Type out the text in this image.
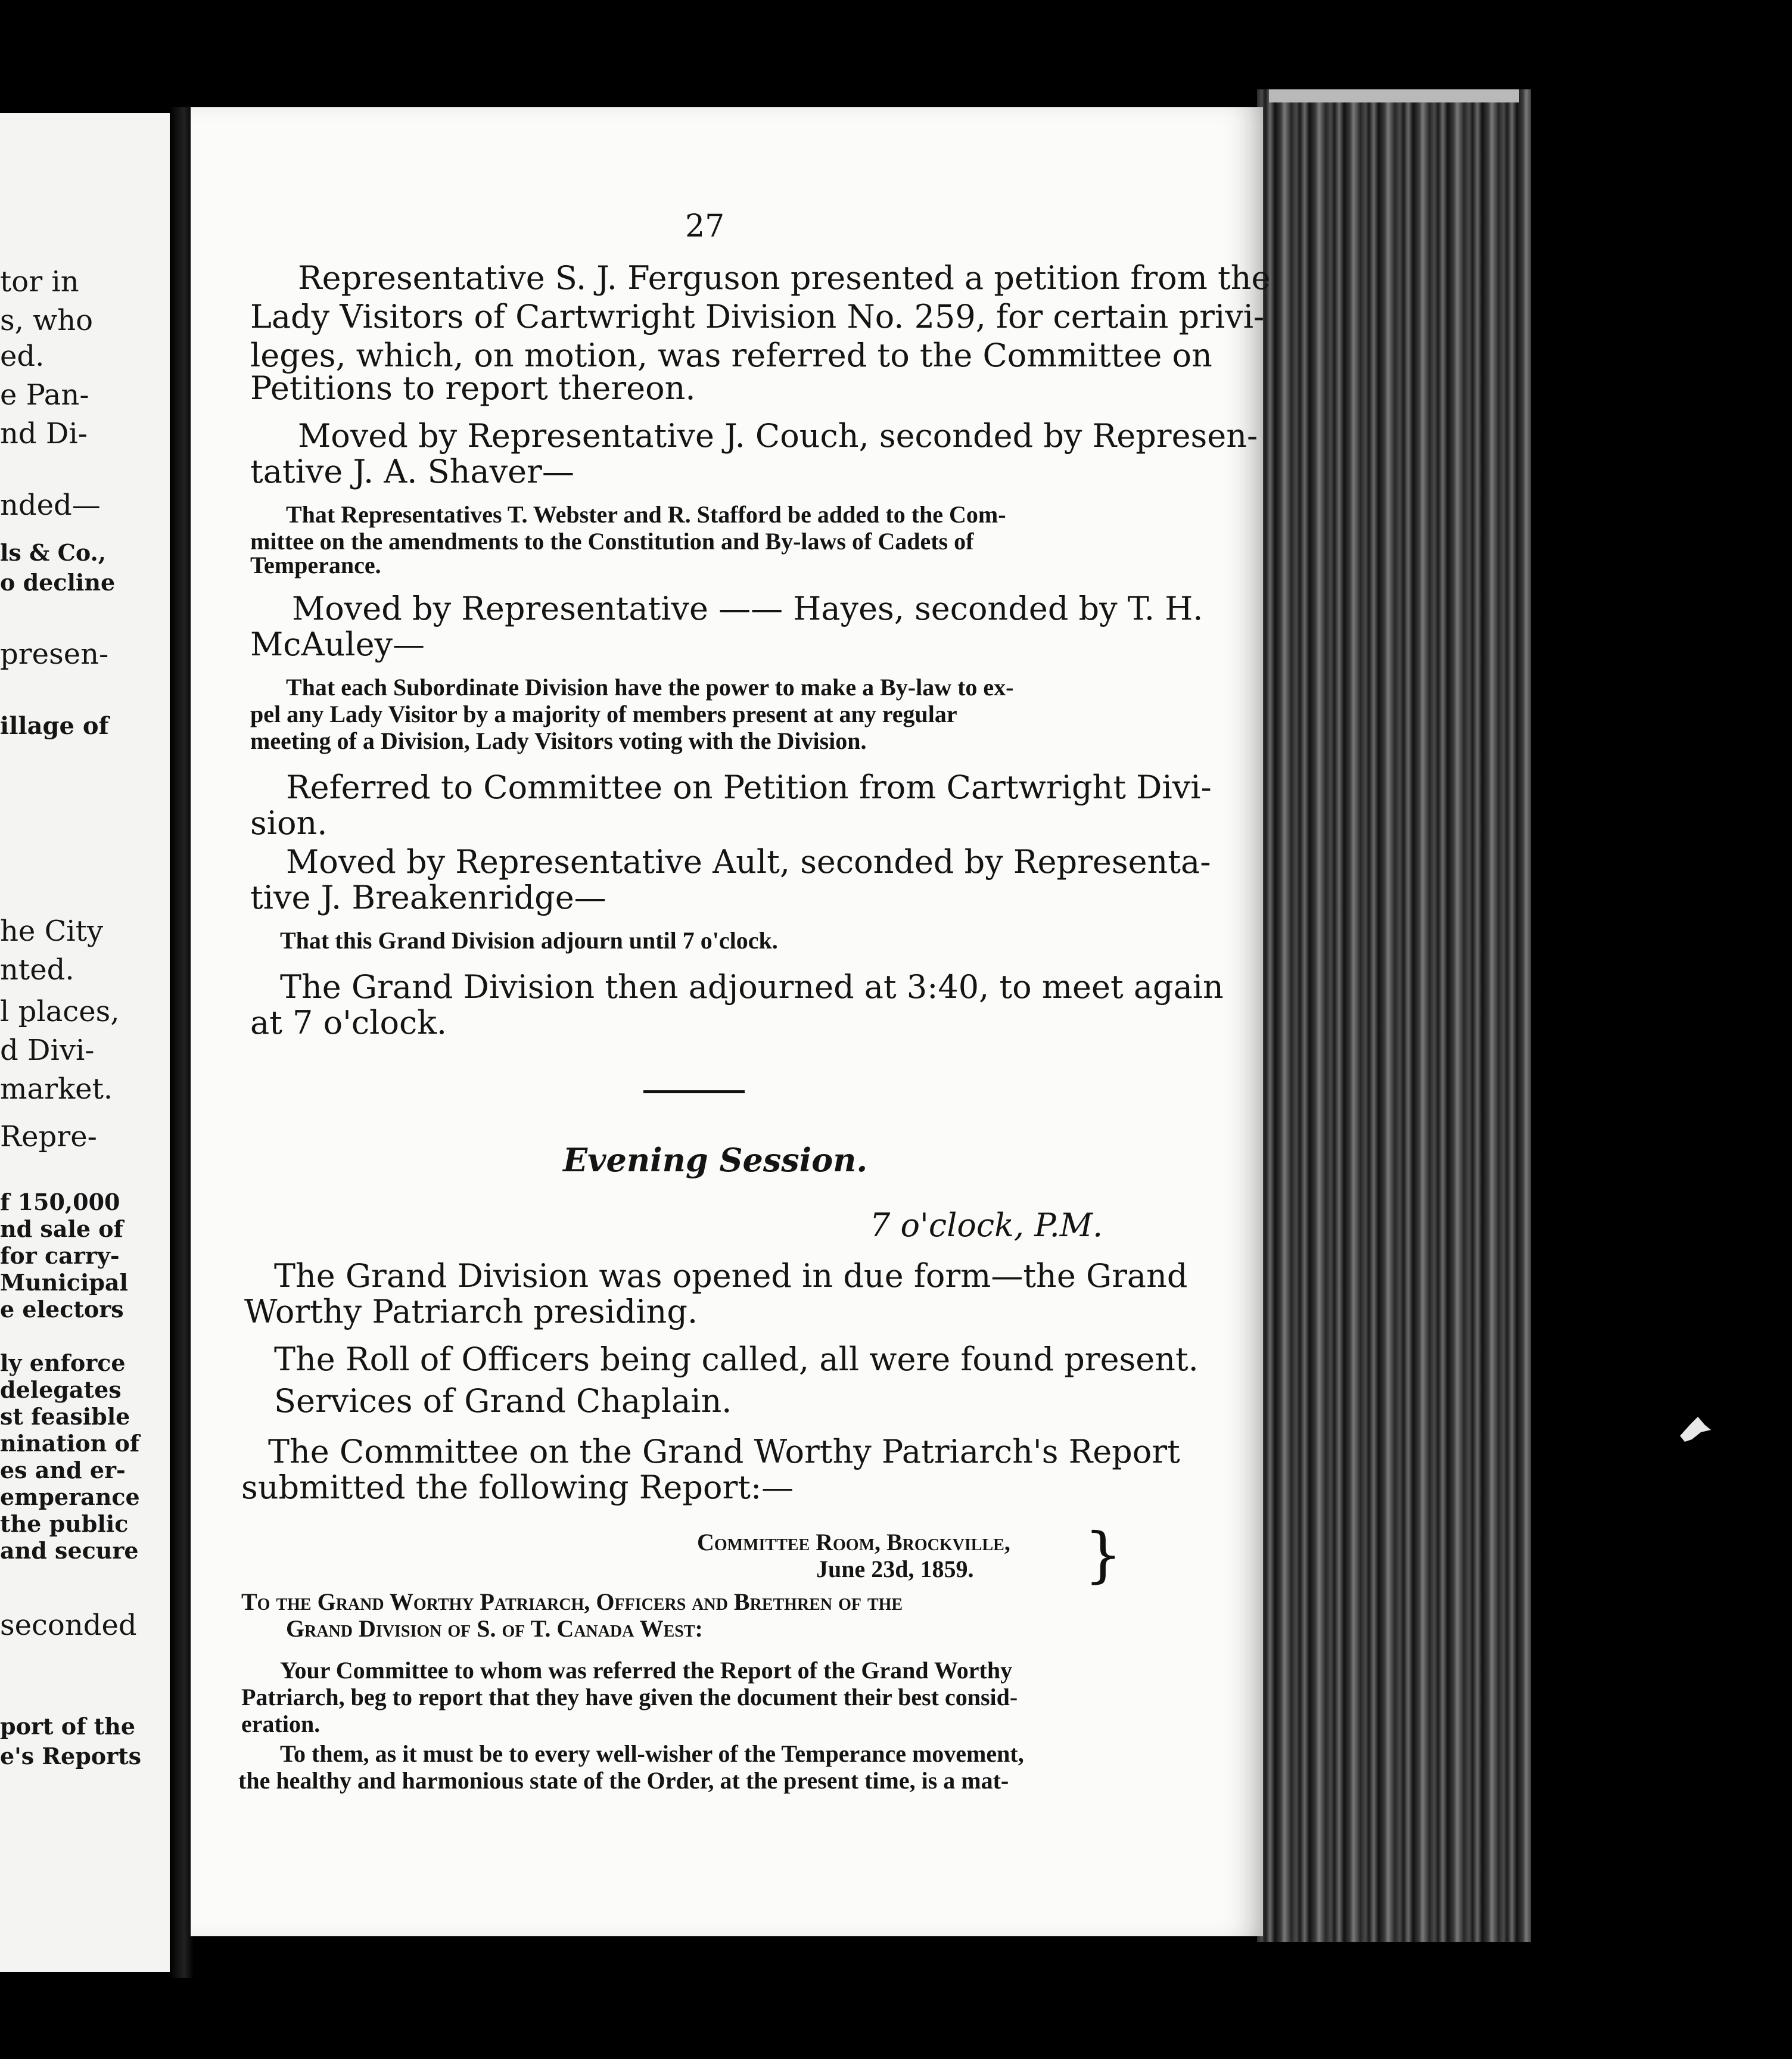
tor in
s, who
ed.
e Pan-
nd Di-
nded—
ls & Co.,
o decline
presen-
illage of
he City
nted.
l places,
d Divi-
market.
Repre-
f 150,000
nd sale of
for carry-
Municipal
e electors
ly enforce
delegates
st feasible
nination of
es and er-
emperance
the public
and secure
seconded
port of the
e's Reports
27
Representative S. J. Ferguson presented a petition from the
Lady Visitors of Cartwright Division No. 259, for certain privi-
leges, which, on motion, was referred to the Committee on
Petitions to report thereon.
Moved by Representative J. Couch, seconded by Represen-
tative J. A. Shaver—
That Representatives T. Webster and R. Stafford be added to the Com-
mittee on the amendments to the Constitution and By-laws of Cadets of
Temperance.
Moved by Representative —— Hayes, seconded by T. H.
McAuley—
That each Subordinate Division have the power to make a By-law to ex-
pel any Lady Visitor by a majority of members present at any regular
meeting of a Division, Lady Visitors voting with the Division.
Referred to Committee on Petition from Cartwright Divi-
sion.
Moved by Representative Ault, seconded by Representa-
tive J. Breakenridge—
That this Grand Division adjourn until 7 o'clock.
The Grand Division then adjourned at 3:40, to meet again
at 7 o'clock.
Evening Session.
7 o'clock, P.M.
The Grand Division was opened in due form—the Grand
Worthy Patriarch presiding.
The Roll of Officers being called, all were found present.
Services of Grand Chaplain.
The Committee on the Grand Worthy Patriarch's Report
submitted the following Report:—
Committee Room, Brockville,
June 23d, 1859.
To the Grand Worthy Patriarch, Officers and Brethren of the
Grand Division of S. of T. Canada West:
Your Committee to whom was referred the Report of the Grand Worthy
Patriarch, beg to report that they have given the document their best consid-
eration.
To them, as it must be to every well-wisher of the Temperance movement,
the healthy and harmonious state of the Order, at the present time, is a mat-
}
